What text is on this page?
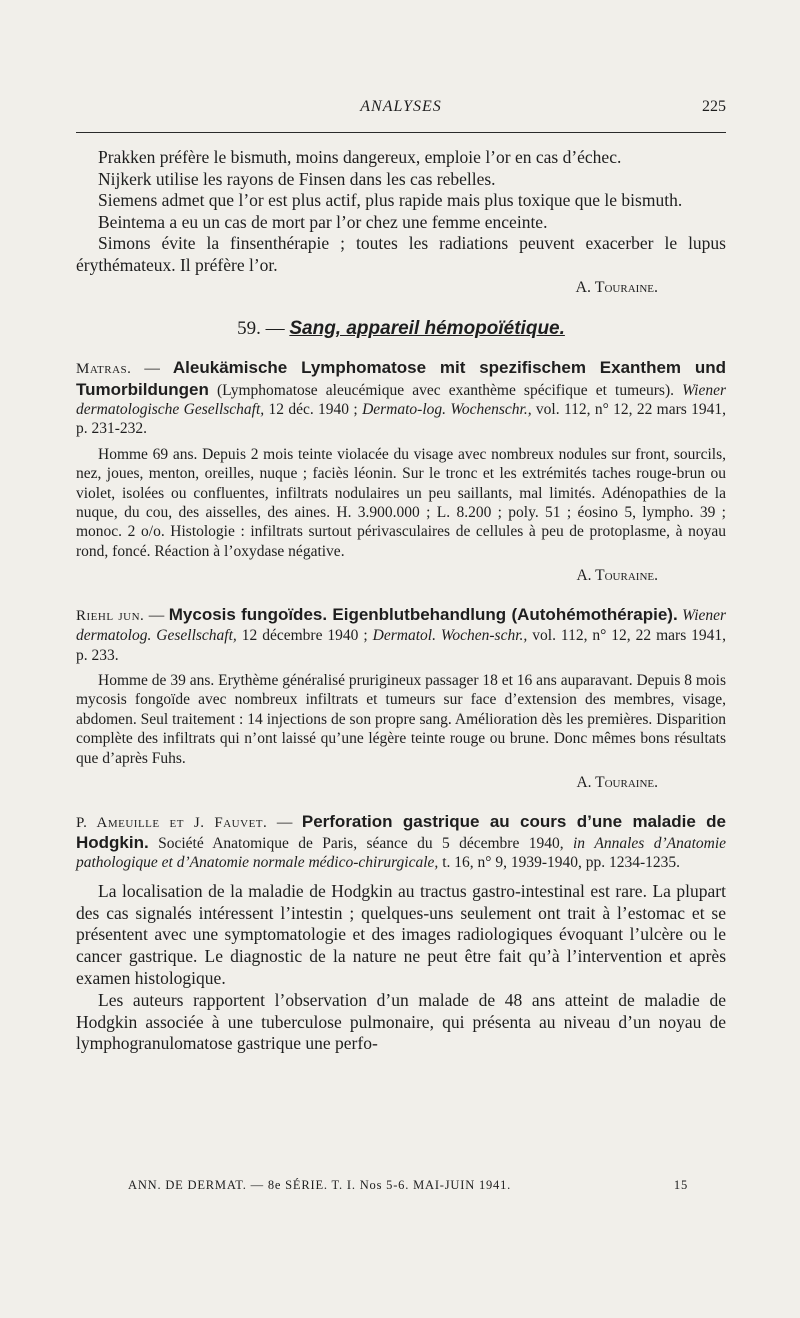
ANALYSES	225

Prakken préfère le bismuth, moins dangereux, emploie l’or en cas d’échec.

Nijkerk utilise les rayons de Finsen dans les cas rebelles.

Siemens admet que l’or est plus actif, plus rapide mais plus toxique que le bismuth.

Beintema a eu un cas de mort par l’or chez une femme enceinte.

Simons évite la finsenthérapie ; toutes les radiations peuvent exacerber le lupus érythémateux. Il préfère l’or.

A. Touraine.

59. — Sang, appareil hémopoïétique.
Matras. — Aleukämische Lymphomatose mit spezifischem Exanthem und Tumorbildungen (Lymphomatose aleucémique avec exanthème spécifique et tumeurs). Wiener dermatologische Gesellschaft, 12 déc. 1940 ; Dermato-log. Wochenschr., vol. 112, n° 12, 22 mars 1941, p. 231-232.

Homme 69 ans. Depuis 2 mois teinte violacée du visage avec nombreux nodules sur front, sourcils, nez, joues, menton, oreilles, nuque ; faciès léonin. Sur le tronc et les extrémités taches rouge-brun ou violet, isolées ou confluentes, infiltrats nodulaires un peu saillants, mal limités. Adénopathies de la nuque, du cou, des aisselles, des aines. H. 3.900.000 ; L. 8.200 ; poly. 51 ; éosino 5, lympho. 39 ; monoc. 2 o/o. Histologie : infiltrats surtout périvasculaires de cellules à peu de protoplasme, à noyau rond, foncé. Réaction à l’oxydase négative.

A. Touraine.

Riehl jun. — Mycosis fungoïdes. Eigenblutbehandlung (Autohémothérapie). Wiener dermatolog. Gesellschaft, 12 décembre 1940 ; Dermatol. Wochen-schr., vol. 112, n° 12, 22 mars 1941, p. 233.

Homme de 39 ans. Erythème généralisé prurigineux passager 18 et 16 ans auparavant. Depuis 8 mois mycosis fongoïde avec nombreux infiltrats et tumeurs sur face d’extension des membres, visage, abdomen. Seul traitement : 14 injections de son propre sang. Amélioration dès les premières. Disparition complète des infiltrats qui n’ont laissé qu’une légère teinte rouge ou brune. Donc mêmes bons résultats que d’après Fuhs.

A. Touraine.

P. Ameuille et J. Fauvet. — Perforation gastrique au cours d’une maladie de Hodgkin. Société Anatomique de Paris, séance du 5 décembre 1940, in Annales d’Anatomie pathologique et d’Anatomie normale médico-chirurgicale, t. 16, n° 9, 1939-1940, pp. 1234-1235.

La localisation de la maladie de Hodgkin au tractus gastro-intestinal est rare. La plupart des cas signalés intéressent l’intestin ; quelques-uns seulement ont trait à l’estomac et se présentent avec une symptomatologie et des images radiologiques évoquant l’ulcère ou le cancer gastrique. Le diagnostic de la nature ne peut être fait qu’à l’intervention et après examen histologique.

Les auteurs rapportent l’observation d’un malade de 48 ans atteint de maladie de Hodgkin associée à une tuberculose pulmonaire, qui présenta au niveau d’un noyau de lymphogranulomatose gastrique une perfo-

ANN. DE DERMAT. — 8e SÉRIE. T. I. Nos 5-6. MAI-JUIN 1941.	15
